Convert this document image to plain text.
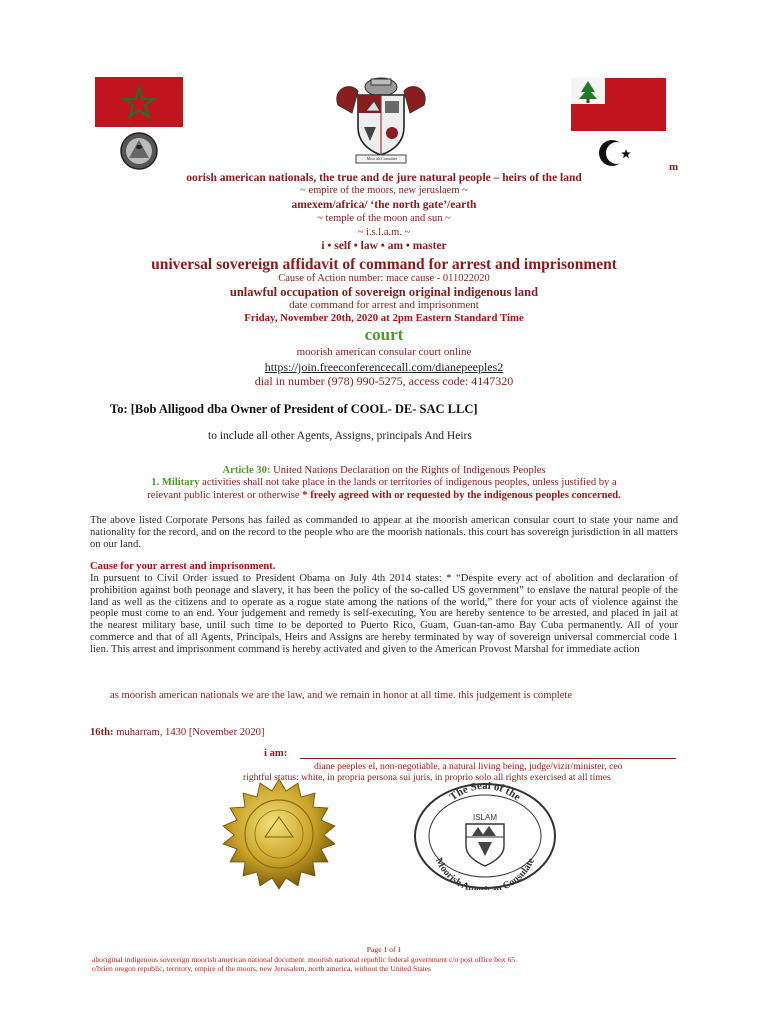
Moorish Consulate
m
oorish american nationals, the true and de jure natural people – heirs of the land
~ empire of the moors, new jeruslaem ~
amexem/africa/ ‘the north gate’/earth
~ temple of the moon and sun ~
~ i.s.l.a.m. ~
i • self • law • am • master
universal sovereign affidavit of command for arrest and imprisonment
Cause of Action number: mace cause - 011022020
unlawful occupation of sovereign original indigenous land
date command for arrest and imprisonment
Friday, November 20th, 2020 at 2pm Eastern Standard Time
court
moorish american consular court online
https://join.freeconferencecall.com/dianepeeples2
dial in number (978) 990-5275, access code: 4147320
To: [Bob Alligood dba Owner of President of COOL- DE- SAC LLC]
to include all other Agents, Assigns, principals And Heirs
Article 30: United Nations Declaration on the Rights of Indigenous Peoples
1. Military activities shall not take place in the lands or territories of indigenous peoples, unless justified by a
relevant public interest or otherwise * freely agreed with or requested by the indigenous peoples concerned.
The above listed Corporate Persons has failed as commanded to appear at the moorish american consular court to state your name and nationality for the record, and on the record to the people who are the moorish nationals. this court has sovereign jurisdiction in all matters on our land.
Cause for your arrest and imprisonment.
In pursuent to Civil Order issued to President Obama on July 4th 2014 states: * “Despite every act of abolition and declaration of prohibition against both peonage and slavery, it has been the policy of the so-called US government” to enslave the natural people of the land as well as the citizens and to operate as a rogue state among the nations of the world,” there for your acts of violence against the people must come to an end. Your judgement and remedy is self-executing, You are hereby sentence to be arrested, and placed in jail at the nearest military base, until such time to be deported to Puerto Rico, Guam, Guan-tan-amo Bay Cuba permanently. All of your commerce and that of all Agents, Principals, Heirs and Assigns are hereby terminated by way of sovereign universal commercial code 1 lien. This arrest and imprisonment command is hereby activated and given to the American Provost Marshal for immediate action
as moorish american nationals we are the law, and we remain in honor at all time. this judgement is complete
16th: muharram, 1430 [November 2020]
i am:
diane peeples el, non-negotiable, a natural living being, judge/vizir/minister, ceo
rightful status: white, in propria persona sui juris, in proprio solo all rights exercised at all times
The Seal of the
Moorish Am an Consulate
ISLAM
Page 1 of 1
aboriginal indigenous sovereign moorish american national document. moorish national republic federal government c/o post office box 65.
o'brien oregon republic, territory, empire of the moors, new Jerusalem, north america, without the United States
